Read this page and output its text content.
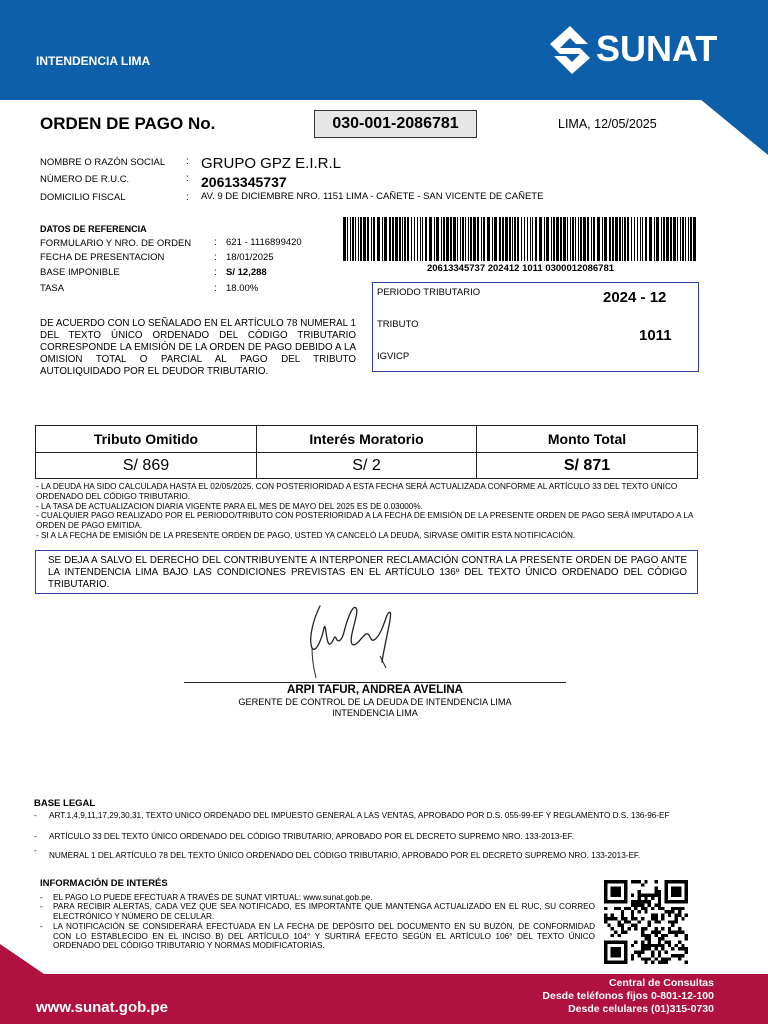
INTENDENCIA LIMA	SUNAT
ORDEN DE PAGO No.	030-001-2086781	LIMA, 12/05/2025
NOMBRE O RAZÓN SOCIAL : GRUPO GPZ E.I.R.L
NÚMERO DE R.U.C.	: 20613345737
DOMICILIO FISCAL	: AV. 9 DE DICIEMBRE NRO. 1151 LIMA - CAÑETE - SAN VICENTE DE CAÑETE
DATOS DE REFERENCIA
FORMULARIO Y NRO. DE ORDEN : 621 - 1116899420
FECHA DE PRESENTACION	: 18/01/2025
BASE IMPONIBLE	: S/ 12,288
TASA	: 18.00%
20613345737 202412 1011 0300012086781
PERIODO TRIBUTARIO	2024 - 12
TRIBUTO
1011
IGVICP
DE ACUERDO CON LO SEÑALADO EN EL ARTÍCULO 78 NUMERAL 1 DEL TEXTO ÚNICO ORDENADO DEL CÓDIGO TRIBUTARIO CORRESPONDE LA EMISIÓN DE LA ORDEN DE PAGO DEBIDO A LA OMISION TOTAL O PARCIAL AL PAGO DEL TRIBUTO AUTOLIQUIDADO POR EL DEUDOR TRIBUTARIO.
Tributo Omitido	Interés Moratorio	Monto Total
S/ 869	S/ 2	S/ 871
- LA DEUDA HA SIDO CALCULADA HASTA EL 02/05/2025. CON POSTERIORIDAD A ESTA FECHA SERÁ ACTUALIZADA CONFORME AL ARTÍCULO 33 DEL TEXTO ÚNICO ORDENADO DEL CÓDIGO TRIBUTARIO.
- LA TASA DE ACTUALIZACION DIARIA VIGENTE PARA EL MES DE MAYO DEL 2025 ES DE 0.03000%.
- CUALQUIER PAGO REALIZADO POR EL PERIODO/TRIBUTO CON POSTERIORIDAD A LA FECHA DE EMISIÓN DE LA PRESENTE ORDEN DE PAGO SERÁ IMPUTADO A LA ORDEN DE PAGO EMITIDA.
- SI A LA FECHA DE EMISIÓN DE LA PRESENTE ORDEN DE PAGO, USTED YA CANCELÓ LA DEUDA, SIRVASE OMITIR ESTA NOTIFICACIÓN.
SE DEJA A SALVO EL DERECHO DEL CONTRIBUYENTE A INTERPONER RECLAMACIÓN CONTRA LA PRESENTE ORDEN DE PAGO ANTE LA INTENDENCIA LIMA BAJO LAS CONDICIONES PREVISTAS EN EL ARTÍCULO 136º DEL TEXTO ÚNICO ORDENADO DEL CÓDIGO TRIBUTARIO.
ARPI TAFUR, ANDREA AVELINA
GERENTE DE CONTROL DE LA DEUDA DE INTENDENCIA LIMA
INTENDENCIA LIMA
BASE LEGAL
- ART.1,4,9,11,17,29,30,31, TEXTO UNICO ORDENADO DEL IMPUESTO GENERAL A LAS VENTAS, APROBADO POR D.S. 055-99-EF Y REGLAMENTO D.S. 136-96-EF
- ARTÍCULO 33 DEL TEXTO ÚNICO ORDENADO DEL CÓDIGO TRIBUTARIO, APROBADO POR EL DECRETO SUPREMO NRO. 133-2013-EF.
-
NUMERAL 1 DEL ARTÍCULO 78 DEL TEXTO ÚNICO ORDENADO DEL CÓDIGO TRIBUTARIO, APROBADO POR EL DECRETO SUPREMO NRO. 133-2013-EF.
INFORMACIÓN DE INTERÉS
- EL PAGO LO PUEDE EFECTUAR A TRAVÉS DE SUNAT VIRTUAL: www.sunat.gob.pe.
- PARA RECIBIR ALERTAS, CADA VEZ QUE SEA NOTIFICADO, ES IMPORTANTE QUE MANTENGA ACTUALIZADO EN EL RUC, SU CORREO ELECTRÓNICO Y NÚMERO DE CELULAR.
- LA NOTIFICACIÓN SE CONSIDERARÁ EFECTUADA EN LA FECHA DE DEPÓSITO DEL DOCUMENTO EN SU BUZÓN, DE CONFORMIDAD CON LO ESTABLECIDO EN EL INCISO B) DEL ARTÍCULO 104° Y SURTIRÁ EFECTO SEGÚN EL ARTÍCULO 106° DEL TEXTO ÚNICO ORDENADO DEL CÓDIGO TRIBUTARIO Y NORMAS MODIFICATORIAS.
www.sunat.gob.pe
Central de Consultas
Desde teléfonos fijos 0-801-12-100
Desde celulares (01)315-0730
